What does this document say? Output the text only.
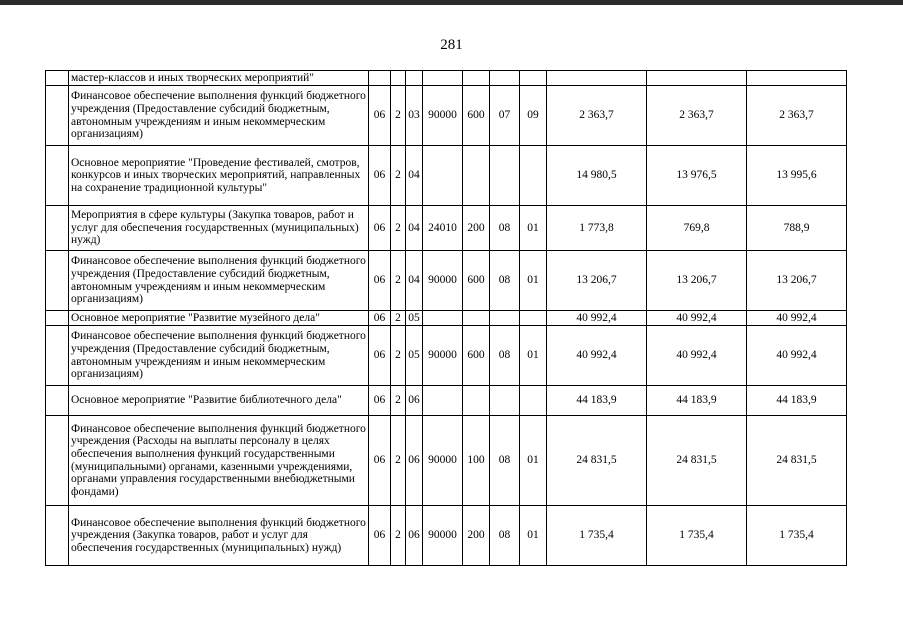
281
	мастер-классов и иных творческих мероприятий"										
	Финансовое обеспечение выполнения функций бюджетного учреждения (Предоставление субсидий бюджетным, автономным учреждениям и иным некоммерческим организациям)	06	2	03	90000	600	07	09	2 363,7	2 363,7	2 363,7
	Основное мероприятие "Проведение фестивалей, смотров, конкурсов и иных творческих мероприятий, направленных на сохранение традиционной культуры"	06	2	04					14 980,5	13 976,5	13 995,6
	Мероприятия в сфере культуры (Закупка товаров, работ и услуг для обеспечения государственных (муниципальных) нужд)	06	2	04	24010	200	08	01	1 773,8	769,8	788,9
	Финансовое обеспечение выполнения функций бюджетного учреждения (Предоставление субсидий бюджетным, автономным учреждениям и иным некоммерческим организациям)	06	2	04	90000	600	08	01	13 206,7	13 206,7	13 206,7
	Основное мероприятие "Развитие музейного дела"	06	2	05					40 992,4	40 992,4	40 992,4
	Финансовое обеспечение выполнения функций бюджетного учреждения (Предоставление субсидий бюджетным, автономным учреждениям и иным некоммерческим организациям)	06	2	05	90000	600	08	01	40 992,4	40 992,4	40 992,4
	Основное мероприятие "Развитие библиотечного дела"	06	2	06					44 183,9	44 183,9	44 183,9
	Финансовое обеспечение выполнения функций бюджетного учреждения (Расходы на выплаты персоналу в целях обеспечения выполнения функций государственными (муниципальными) органами, казенными учреждениями, органами управления государственными внебюджетными фондами)	06	2	06	90000	100	08	01	24 831,5	24 831,5	24 831,5
	Финансовое обеспечение выполнения функций бюджетного учреждения (Закупка товаров, работ и услуг для обеспечения государственных (муниципальных) нужд)	06	2	06	90000	200	08	01	1 735,4	1 735,4	1 735,4
